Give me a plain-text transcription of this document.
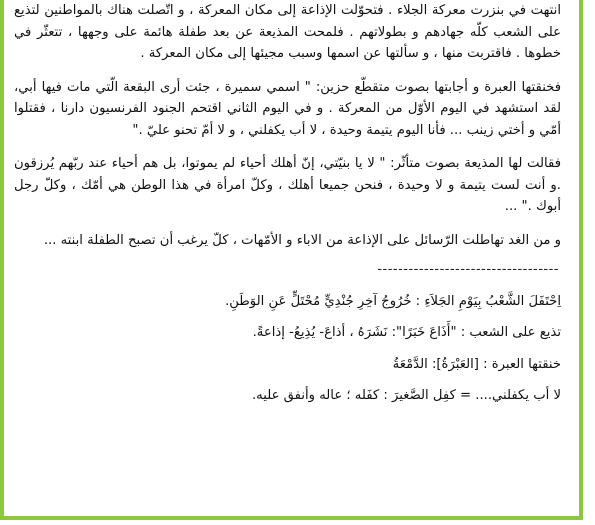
انتهت في بنزرت معركة الجلاء . فتحوّلت الإذاعة إلى مكان المعركة ، و اتّصلت هناك بالمواطنين لتذيع على الشعب كلّه جهادهم و بطولاتهم . فلمحت المذيعة عن بعد طفلة هائمة على وجهها ، تتعثّر في خطوها . فاقتربت منها ، و سألتها عن اسمها وسبب مجيئها إلى مكان المعركة .

فخنقتها العبرة و أجابتها بصوت متقطّع حزين: " اسمي سميرة ، جئت أرى البقعة الّتي مات فيها أبي، لقد استشهد في اليوم الأوّل من المعركة . و في اليوم الثاني اقتحم الجنود الفرنسيون دارنا ، فقتلوا أمّي و أختي زينب ... فأنا اليوم يتيمة وحيدة ، لا أب يكفلني ، و لا أمّ تحنو عليّ ."

فقالت لها المذيعة بصوت متأثّر: " لا يا بنيّتي، إنّ أهلك أحياء لم يموتوا، بل هم أحياء عند ربّهم يُرزقون .و أنت لست يتيمة و لا وحيدة ، فنحن جميعا أهلك ، وكلّ امرأة في هذا الوطن هي أمّك ، وكلّ رجل أبوك ." ...

و من الغد تهاطلت الرّسائل على الإذاعة من الاباء و الأمّهات ، كلّ يرغب أن تصبح الطفلة ابنته ...

-----------------------------------
اِحْتَفَلَ الشَّعْبُ بِيَوْمِ الجَلاَءِ : خُرُوجُ آخِرِ جُنْدِيٍّ مُحْتَلٍّ عَنِ الوَطَنِ.
تذيع على الشعب : "أَذَاعَ خَبَرًا": نَشَرَهُ ، أذاعَ- يُذِيعُ- إذاعةً.
خنقتها العبرة : [العَبْرَةُ]: الدَّمْعَةُ
لا أب يكفلني.... = كفِل الصَّغيرَ : كفَله ؛ عاله وأنفق عليه.
